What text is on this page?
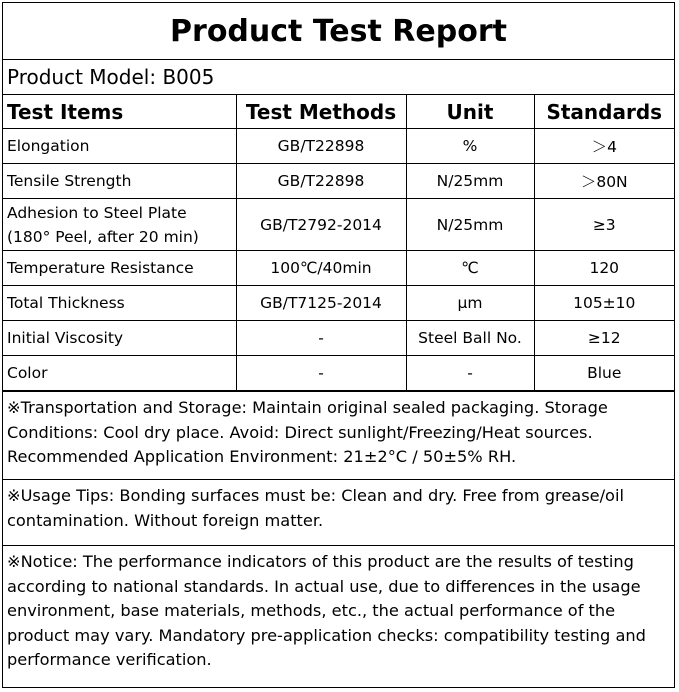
Product Test Report
Product Model: B005
Test Items	Test Methods	Unit	Standards
Elongation	GB/T22898	%	＞4
Tensile Strength	GB/T22898	N/25mm	＞80N

Adhesion to Steel Plate
(180° Peel, after 20 min)	GB/T2792-2014	N/25mm	≥3
Temperature Resistance	100℃/40min	℃	120
Total Thickness	GB/T7125-2014	μm	105±10
Initial Viscosity	-	Steel Ball No.	≥12
Color	-	-	Blue
※Transportation and Storage: Maintain original sealed packaging. Storage Conditions: Cool dry place. Avoid: Direct sunlight/Freezing/Heat sources. Recommended Application Environment: 21±2°C / 50±5% RH.
※Usage Tips: Bonding surfaces must be: Clean and dry. Free from grease/oil contamination. Without foreign matter.
※Notice: The performance indicators of this product are the results of testing according to national standards. In actual use, due to differences in the usage environment, base materials, methods, etc., the actual performance of the product may vary. Mandatory pre-application checks: compatibility testing and performance verification.
